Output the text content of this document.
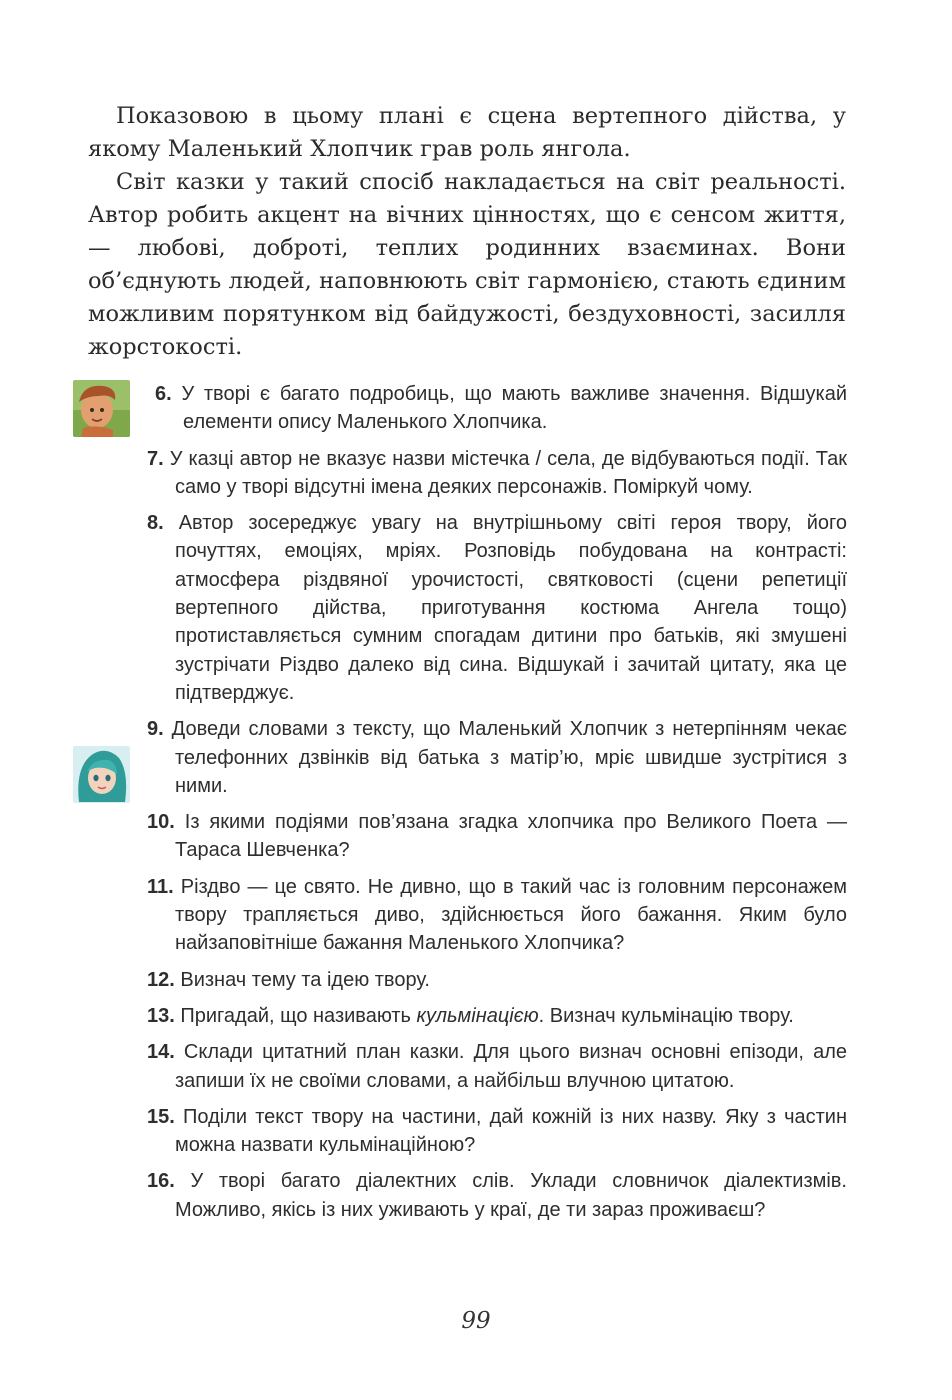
Показовою в цьому плані є сцена вертепного дійства, у якому Маленький Хлопчик грав роль янгола.

Світ казки у такий спосіб накладається на світ реальності. Автор робить акцент на вічних цінностях, що є сенсом життя, — любові, доброті, теплих родинних взаєминах. Вони об’єднують людей, наповнюють світ гармонією, стають єдиним можливим порятунком від байдужості, бездуховності, засилля жорстокості.

6. У творі є багато подробиць, що мають важливе значення. Відшукай елементи опису Маленького Хлопчика.
7. У казці автор не вказує назви містечка / села, де відбуваються події. Так само у творі відсутні імена деяких персонажів. Поміркуй чому.
8. Автор зосереджує увагу на внутрішньому світі героя твору, його почуттях, емоціях, мріях. Розповідь побудована на контрасті: атмосфера різдвяної урочистості, святковості (сцени репетиції вертепного дійства, приготування костюма Ангела тощо) протиставляється сумним спогадам дитини про батьків, які змушені зустрічати Різдво далеко від сина. Відшукай і зачитай цитату, яка це підтверджує.
9. Доведи словами з тексту, що Маленький Хлопчик з нетерпінням чекає телефонних дзвінків від батька з матір’ю, мріє швидше зустрітися з ними.
10. Із якими подіями пов’язана згадка хлопчика про Великого Поета — Тараса Шевченка?
11. Різдво — це свято. Не дивно, що в такий час із головним персонажем твору трапляється диво, здійснюється його бажання. Яким було найзаповітніше бажання Маленького Хлопчика?
12. Визнач тему та ідею твору.
13. Пригадай, що називають кульмінацією. Визнач кульмінацію твору.
14. Склади цитатний план казки. Для цього визнач основні епізоди, але запиши їх не своїми словами, а найбільш влучною цитатою.
15. Поділи текст твору на частини, дай кожній із них назву. Яку з частин можна назвати кульмінаційною?
16. У творі багато діалектних слів. Уклади словничок діалектизмів. Можливо, якісь із них уживають у краї, де ти зараз проживаєш?
99
